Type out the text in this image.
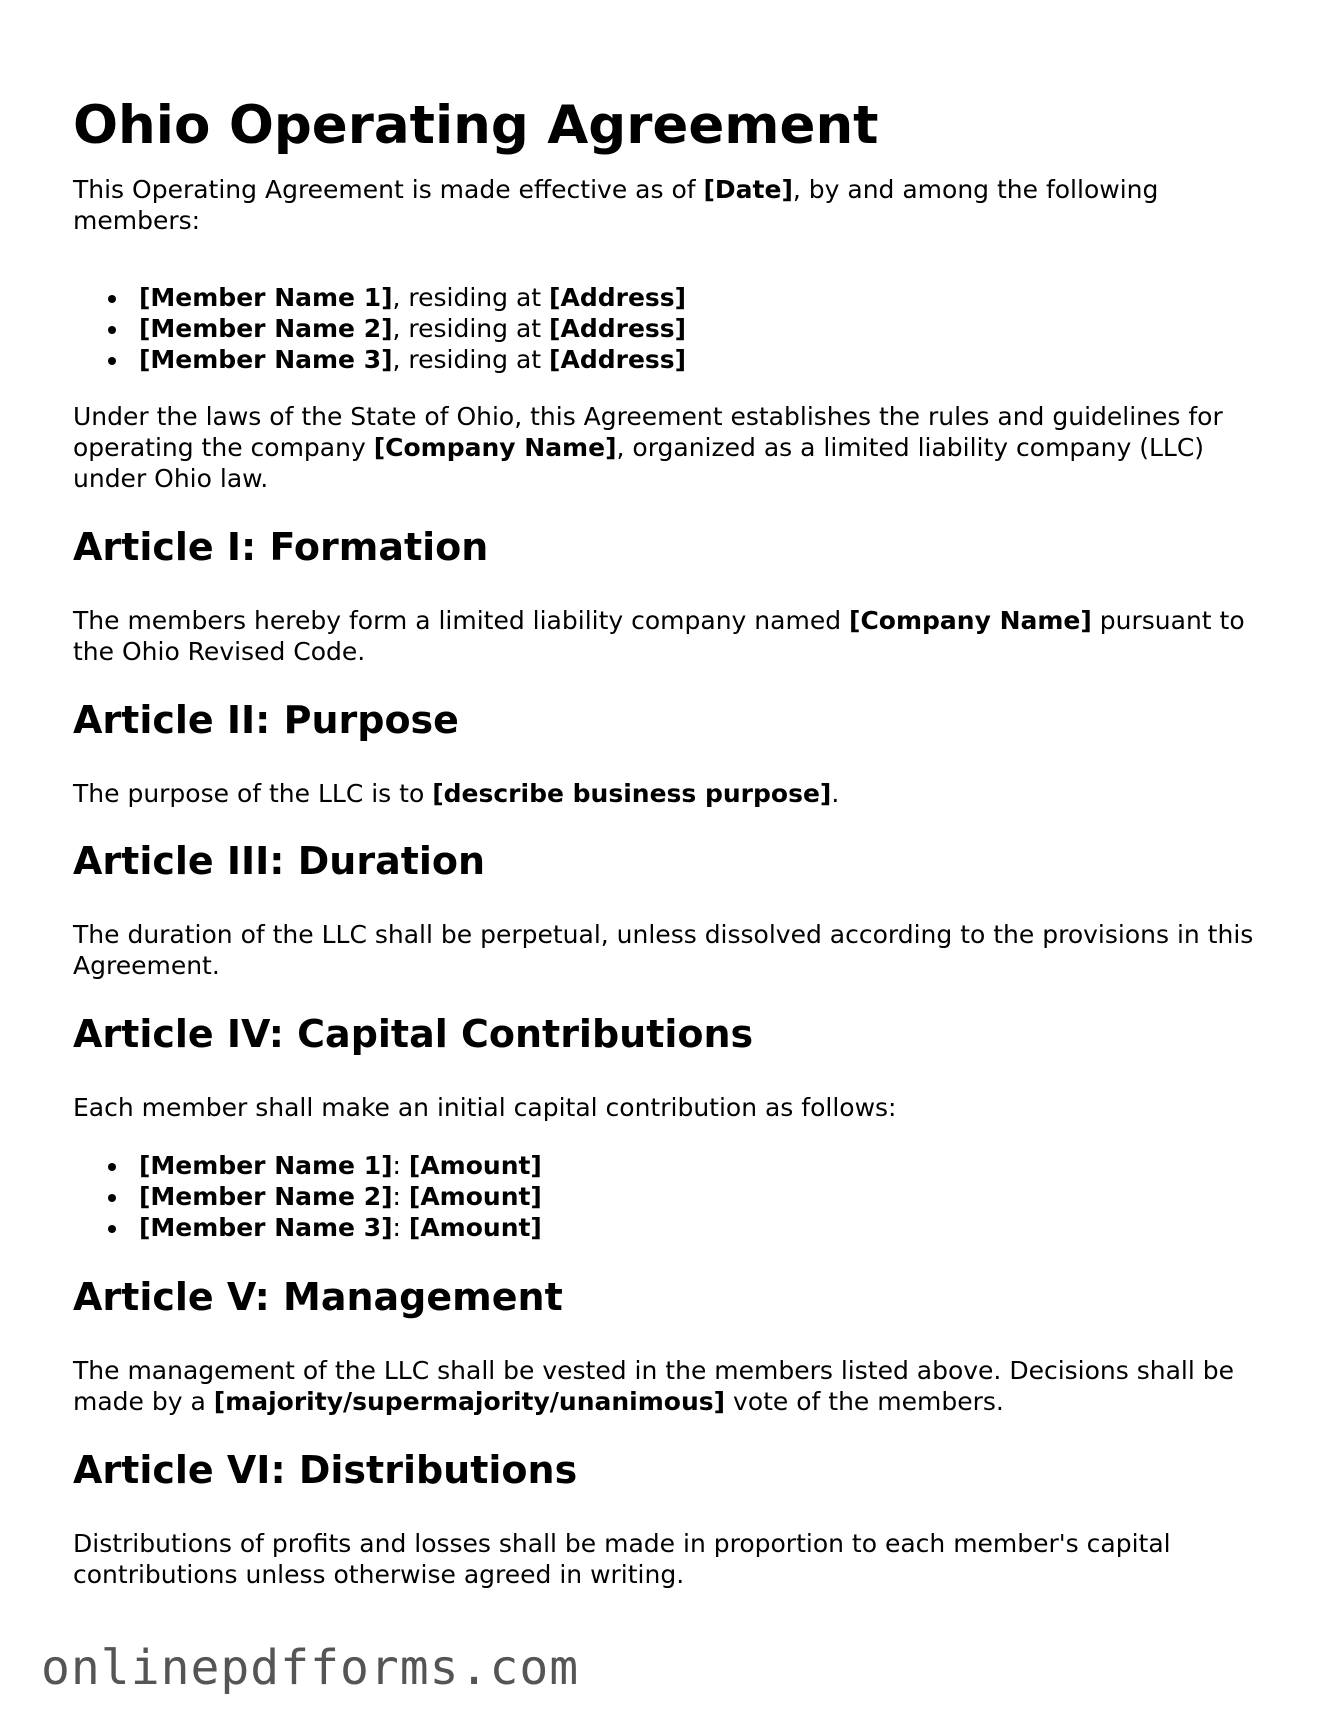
Ohio Operating Agreement

This Operating Agreement is made effective as of [Date], by and among the following members:

[Member Name 1], residing at [Address]
[Member Name 2], residing at [Address]
[Member Name 3], residing at [Address]

Under the laws of the State of Ohio, this Agreement establishes the rules and guidelines for operating the company [Company Name], organized as a limited liability company (LLC) under Ohio law.

Article I: Formation

The members hereby form a limited liability company named [Company Name] pursuant to the Ohio Revised Code.

Article II: Purpose

The purpose of the LLC is to [describe business purpose].

Article III: Duration

The duration of the LLC shall be perpetual, unless dissolved according to the provisions in this Agreement.

Article IV: Capital Contributions

Each member shall make an initial capital contribution as follows:

[Member Name 1]: [Amount]
[Member Name 2]: [Amount]
[Member Name 3]: [Amount]
Article V: Management

The management of the LLC shall be vested in the members listed above. Decisions shall be made by a [majority/supermajority/unanimous] vote of the members.

Article VI: Distributions

Distributions of profits and losses shall be made in proportion to each member's capital contributions unless otherwise agreed in writing.

onlinepdfforms.com
